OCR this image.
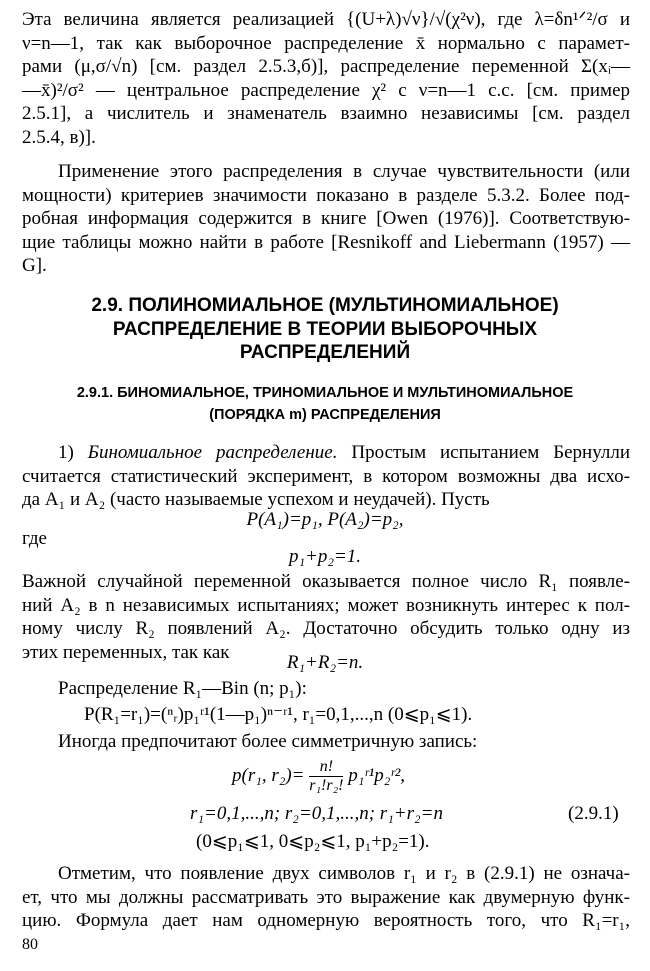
Эта величина является реализацией {(U+λ)√ν}/√(χ²ν), где λ=δn¹ᐟ²/σ и
ν=n—1, так как выборочное распределение x̄ нормально с парамет-
рами (μ,σ/√n) [см. раздел 2.5.3,б)], распределение переменной Σ(xᵢ—
—x̄)²/σ² — центральное распределение χ² с ν=n—1 с.с. [см. пример
2.5.1], а числитель и знаменатель взаимно независимы [см. раздел
2.5.4, в)].
Применение этого распределения в случае чувствительности (или
мощности) критериев значимости показано в разделе 5.3.2. Более под-
робная информация содержится в книге [Owen (1976)]. Соответствую-
щие таблицы можно найти в работе [Resnikoff and Liebermann (1957) —
G].
2.9. ПОЛИНОМИАЛЬНОЕ (МУЛЬТИНОМИАЛЬНОЕ)
РАСПРЕДЕЛЕНИЕ В ТЕОРИИ ВЫБОРОЧНЫХ
РАСПРЕДЕЛЕНИЙ
2.9.1. БИНОМИАЛЬНОЕ, ТРИНОМИАЛЬНОЕ И МУЛЬТИНОМИАЛЬНОЕ
(ПОРЯДКА m) РАСПРЕДЕЛЕНИЯ
1) Биномиальное распределение. Простым испытанием Бернулли
считается статистический эксперимент, в котором возможны два исхо-
да A₁ и A₂ (часто называемые успехом и неудачей). Пусть
P(A₁)=p₁, P(A₂)=p₂,
где
p₁+p₂=1.
Важной случайной переменной оказывается полное число R₁ появле-
ний A₂ в n независимых испытаниях; может возникнуть интерес к пол-
ному числу R₂ появлений A₂. Достаточно обсудить только одну из
этих переменных, так как	R₁+R₂=n.
Распределение R₁—Bin (n; p₁):
P(R₁=r₁)=(ⁿᵣ)p₁ʳ¹(1—p₁)ⁿ⁻ʳ¹, r₁=0,1,...,n (0⩽p₁⩽1).
Иногда предпочитают более симметричную запись:
p(r₁, $r_2)= \frac{n!}{\text{r₁!r₂!}}$ p₁ʳ¹p₂ʳ²,
r₁=0,1,...,n; r₂=0,1,...,n; r₁+r₂=n	(2.9.1)
(0⩽p₁⩽1, 0⩽p₂⩽1, p₁+p₂=1).
Отметим, что появление двух символов r₁ и r₂ в (2.9.1) не означа-
ет, что мы должны рассматривать это выражение как двумерную функ-
цию. Формула дает нам одномерную вероятность того, что R₁=r₁,
80
